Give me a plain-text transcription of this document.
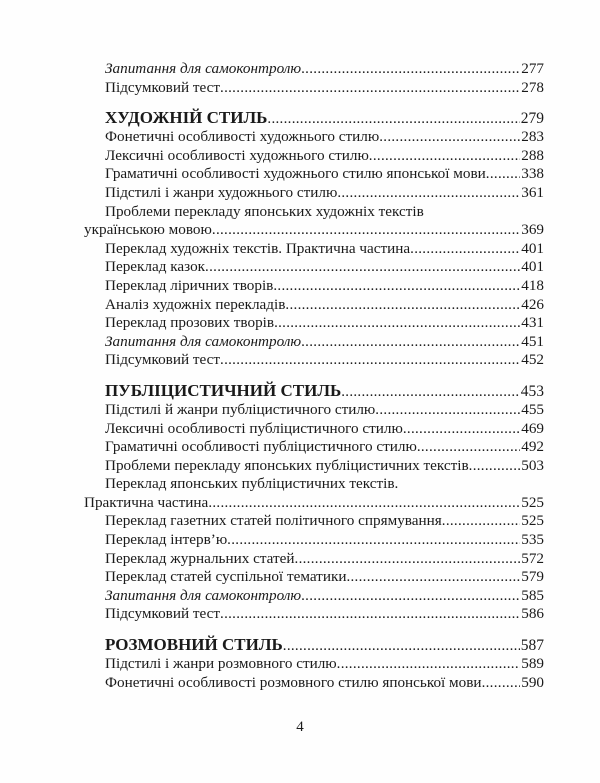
Запитання для самоконтролю .....	277
Підсумковий тест .....	278
ХУДОЖНІЙ СТИЛЬ .....	279
Фонетичні особливості художнього стилю .....	283
Лексичні особливості художнього стилю .....	288
Граматичні особливості художнього стилю японської мови ..... 338
Підстилі і жанри художнього стилю .....	361
Проблеми перекладу японських художніх текстів
українською мовою .....	369
Переклад художніх текстів. Практична частина .....	401
Переклад казок .....	401
Переклад ліричних творів .....	418
Аналіз художніх перекладів .....	426
Переклад прозових творів .....	431
Запитання для самоконтролю .....	451
Підсумковий тест .....	452
ПУБЛІЦИСТИЧНИЙ СТИЛЬ .....	453
Підстилі й жанри публіцистичного стилю .....	455
Лексичні особливості публіцистичного стилю .....	469
Граматичні особливості публіцистичного стилю .....	492
Проблеми перекладу японських публіцистичних текстів .....	503
Переклад японських публіцистичних текстів.
Практична частина .....	525
Переклад газетних статей політичного спрямування .....	525
Переклад інтерв’ю .....	535
Переклад журнальних статей .....	572
Переклад статей суспільної тематики .....	579
Запитання для самоконтролю .....	585
Підсумковий тест .....	586
РОЗМОВНИЙ СТИЛЬ .....	587
Підстилі і жанри розмовного стилю .....	589
Фонетичні особливості розмовного стилю японської мови .....	590
4
